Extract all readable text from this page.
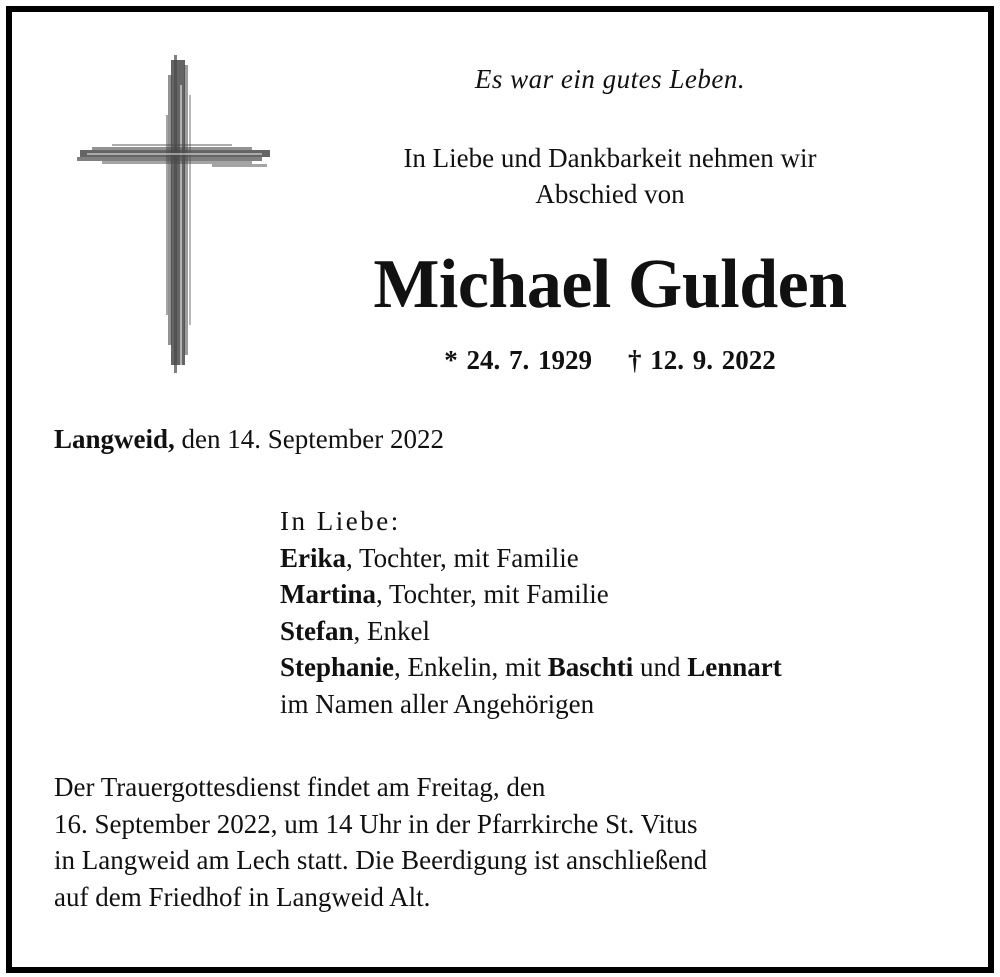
Es war ein gutes Leben.
In Liebe und Dankbarkeit nehmen wir
Abschied von
Michael Gulden
* 24. 7. 1929 † 12. 9. 2022
Langweid, den 14. September 2022
In Liebe:
Erika, Tochter, mit Familie
Martina, Tochter, mit Familie
Stefan, Enkel
Stephanie, Enkelin, mit Baschti und Lennart
im Namen aller Angehörigen
Der Trauergottesdienst findet am Freitag, den
16. September 2022, um 14 Uhr in der Pfarrkirche St. Vitus
in Langweid am Lech statt. Die Beerdigung ist anschließend
auf dem Friedhof in Langweid Alt.
